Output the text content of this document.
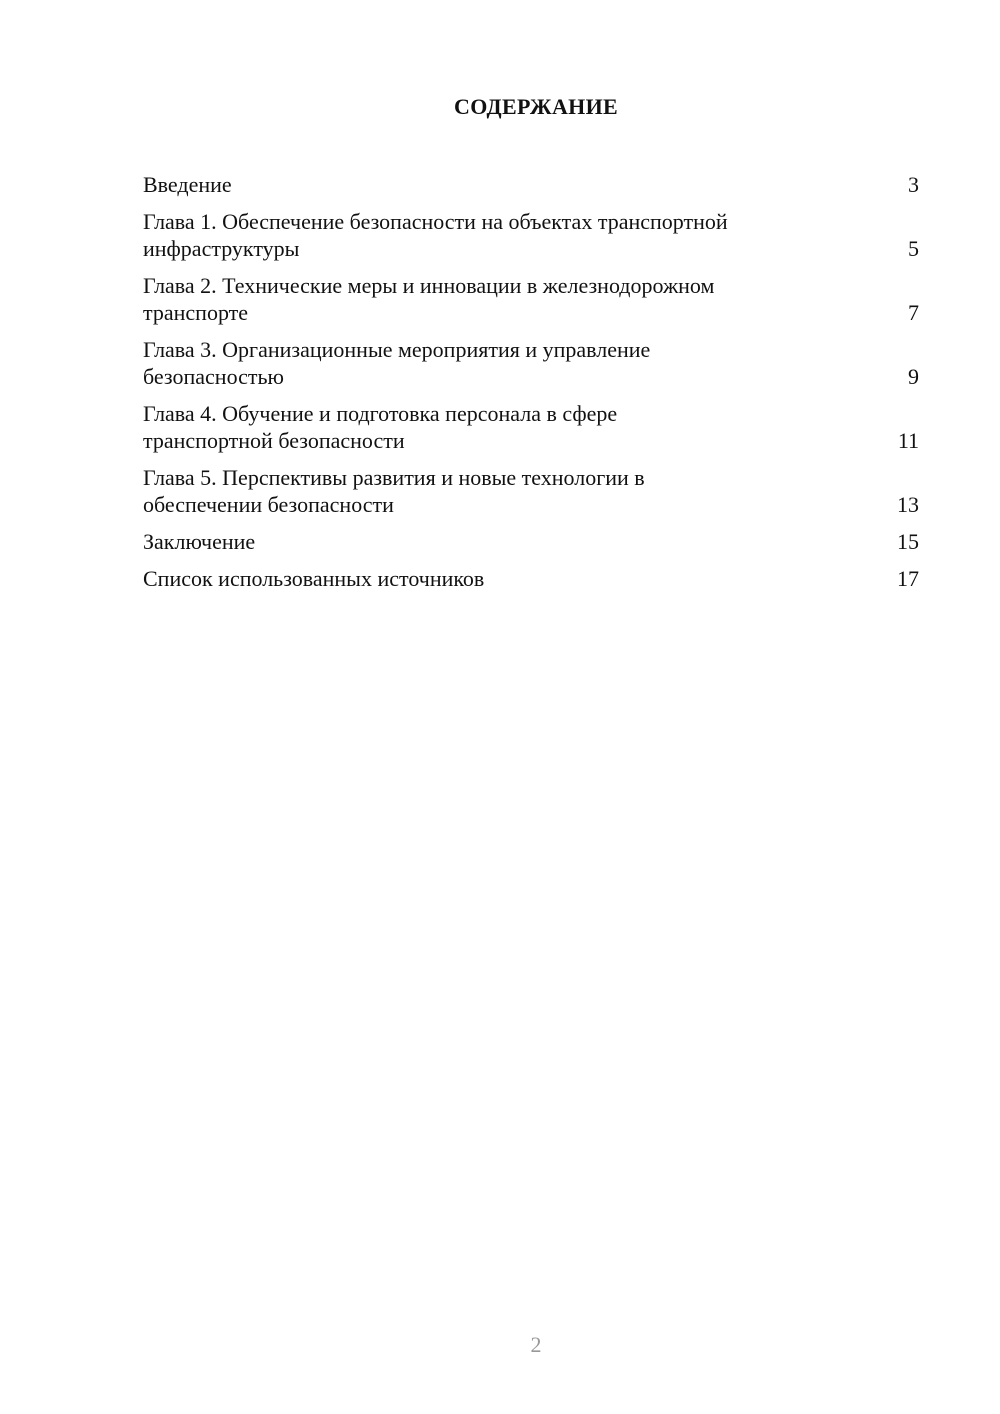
СОДЕРЖАНИЕ
Введение	3
Глава 1. Обеспечение безопасности на объектах транспортной
инфраструктуры	5
Глава 2. Технические меры и инновации в железнодорожном
транспорте	7
Глава 3. Организационные мероприятия и управление
безопасностью	9
Глава 4. Обучение и подготовка персонала в сфере
транспортной безопасности	11
Глава 5. Перспективы развития и новые технологии в
обеспечении безопасности	13
Заключение	15
Список использованных источников	17
2
